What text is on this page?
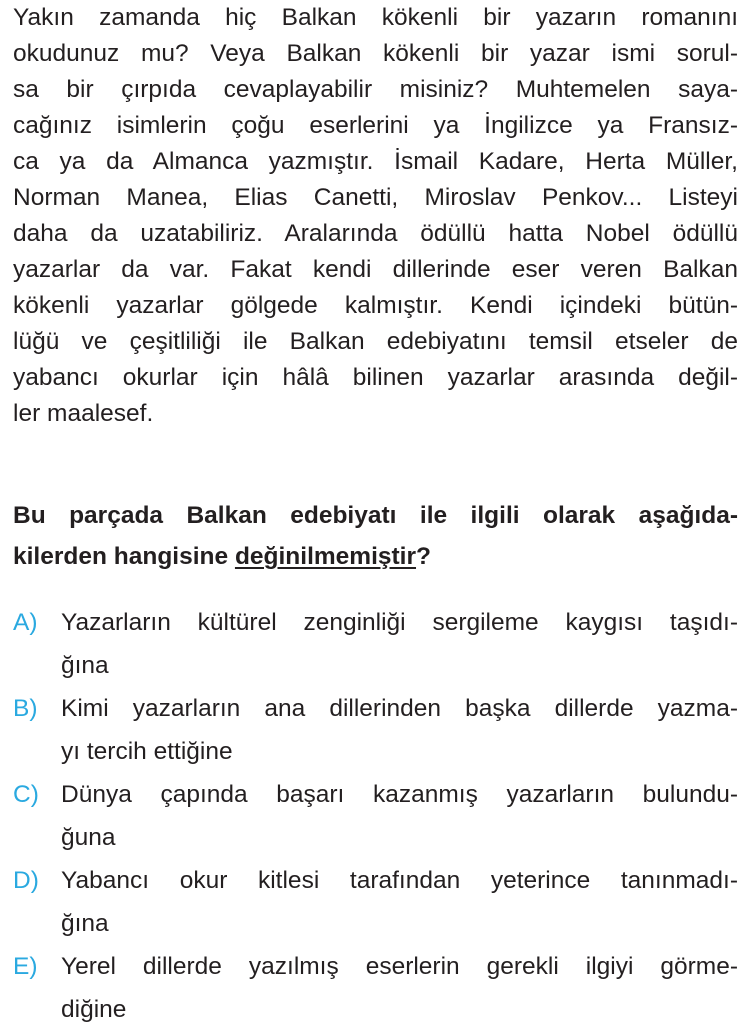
Yakın zamanda hiç Balkan kökenli bir yazarın romanını
okudunuz mu? Veya Balkan kökenli bir yazar ismi sorul-
sa bir çırpıda cevaplayabilir misiniz? Muhtemelen saya-
cağınız isimlerin çoğu eserlerini ya İngilizce ya Fransız-
ca ya da Almanca yazmıştır. İsmail Kadare, Herta Müller,
Norman Manea, Elias Canetti, Miroslav Penkov... Listeyi
daha da uzatabiliriz. Aralarında ödüllü hatta Nobel ödüllü
yazarlar da var. Fakat kendi dillerinde eser veren Balkan
kökenli yazarlar gölgede kalmıştır. Kendi içindeki bütün-
lüğü ve çeşitliliği ile Balkan edebiyatını temsil etseler de
yabancı okurlar için hâlâ bilinen yazarlar arasında değil-
ler maalesef.
Bu parçada Balkan edebiyatı ile ilgili olarak aşağıda-
kilerden hangisine değinilmemiştir?
A) Yazarların kültürel zenginliği sergileme kaygısı taşıdı-
ğına
B) Kimi yazarların ana dillerinden başka dillerde yazma-
yı tercih ettiğine
C) Dünya çapında başarı kazanmış yazarların bulundu-
ğuna
D) Yabancı okur kitlesi tarafından yeterince tanınmadı-
ğına
E) Yerel dillerde yazılmış eserlerin gerekli ilgiyi görme-
diğine
